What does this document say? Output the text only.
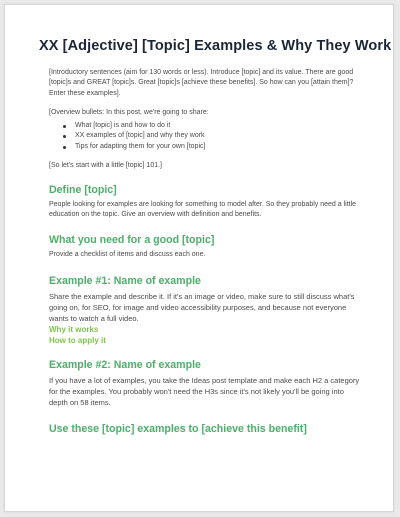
XX [Adjective] [Topic] Examples & Why They Work

[Introductory sentences (aim for 130 words or less). Introduce [topic] and its value. There are good [topic]s and GREAT [topic]s. Great [topic]s [achieve these benefits]. So how can you [attain them]? Enter these examples].

[Overview bullets: In this post, we're going to share:

What [topic] is and how to do it
XX examples of [topic] and why they work
Tips for adapting them for your own [topic]

[So let's start with a little [topic] 101.]

Define [topic]

People looking for examples are looking for something to model after. So they probably need a little education on the topic. Give an overview with definition and benefits.

What you need for a good [topic]

Provide a checklist of items and discuss each one.

Example #1: Name of example

Share the example and describe it. If it's an image or video, make sure to still discuss what's going on, for SEO, for image and video accessibility purposes, and because not everyone wants to watch a full video.

Why it works
How to apply it
Example #2: Name of example

If you have a lot of examples, you take the Ideas post template and make each H2 a category for the examples. You probably won't need the H3s since it's not likely you'll be going into depth on 58 items.

Use these [topic] examples to [achieve this benefit]
